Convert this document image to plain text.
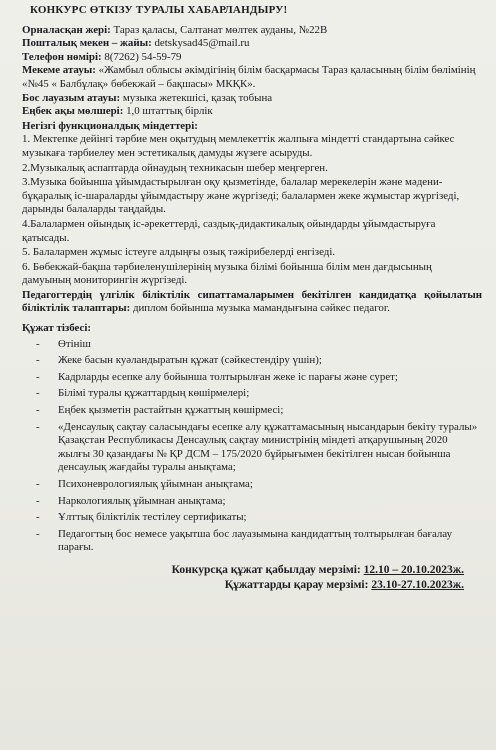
КОНКУРС ӨТКІЗУ ТУРАЛЫ ХАБАРЛАНДЫРУ!
Орналасқан жері: Тараз қаласы, Салтанат мөлтек ауданы, №22В
Пошталық мекен – жайы: detskysad45@mail.ru
Телефон нөмірі: 8(7262) 54-59-79
Мекеме атауы: «Жамбыл облысы әкімдігінің білім басқармасы Тараз қаласының білім бөлімінің «№45 « Балбұлақ» бөбекжай – бақшасы» МКҚК».
Бос лауазым атауы: музыка жетекшісі, қазақ тобына
Еңбек ақы мөлшері: 1,0 штаттық бірлік
Негізгі функционалдық міндеттері:
1. Мектепке дейінгі тәрбие мен оқытудың мемлекеттік жалпыға міндетті стандартына сәйкес музыкаға тәрбиелеу мен эстетикалық дамуды жүзеге асыруды.
2.Музыкалық аспаптарда ойнаудың техникасын шебер меңгерген.
3.Музыка бойынша ұйымдастырылған оқу қызметінде, балалар мерекелерін және мәдени- бұқаралық іс-шараларды ұйымдастыру және жүргізеді; балалармен жеке жұмыстар жүргізеді, дарынды балаларды таңдайды.
4.Балалармен ойындық іс-әрекеттерді, саздық-дидактикалық ойындарды ұйымдастыруға қатысады.
5. Балалармен жұмыс істеуге алдыңғы озық тәжірибелерді енгізеді.
6. Бөбекжай-бақша тәрбиеленушілерінің музыка білімі бойынша білім мен дағдысының дамуының мониторингін жүргізеді.
Педагогтердің үлгілік біліктілік сипаттамаларымен бекітілген кандидатқа қойылатын біліктілік талаптары: диплом бойынша музыка мамандығына сәйкес педагог.
Құжат тізбесі:
- Өтініш
- Жеке басын куәландыратын құжат (сәйкестендіру үшін);
- Кадрларды есепке алу бойынша толтырылған жеке іс парағы және сурет;
- Білімі туралы құжаттардың көшірмелері;
- Еңбек қызметін растайтын құжаттың көшірмесі;
- «Денсаулық сақтау саласындағы есепке алу құжаттамасының нысандарын бекіту туралы» Қазақстан Республикасы Денсаулық сақтау министрінің міндеті атқарушының 2020 жылғы 30 қазандағы № ҚР ДСМ – 175/2020 бұйрығымен бекітілген нысан бойынша денсаулық жағдайы туралы анықтама;
- Психоневрологиялық ұйымнан анықтама;
- Наркологиялық ұйымнан анықтама;
- Ұлттық біліктілік тестілеу сертификаты;
- Педагогтың бос немесе уақытша бос лауазымына кандидаттың толтырылған бағалау парағы.
Конкурсқа құжат қабылдау мерзімі: 12.10 – 20.10.2023ж.
Құжаттарды қарау мерзімі: 23.10-27.10.2023ж.
